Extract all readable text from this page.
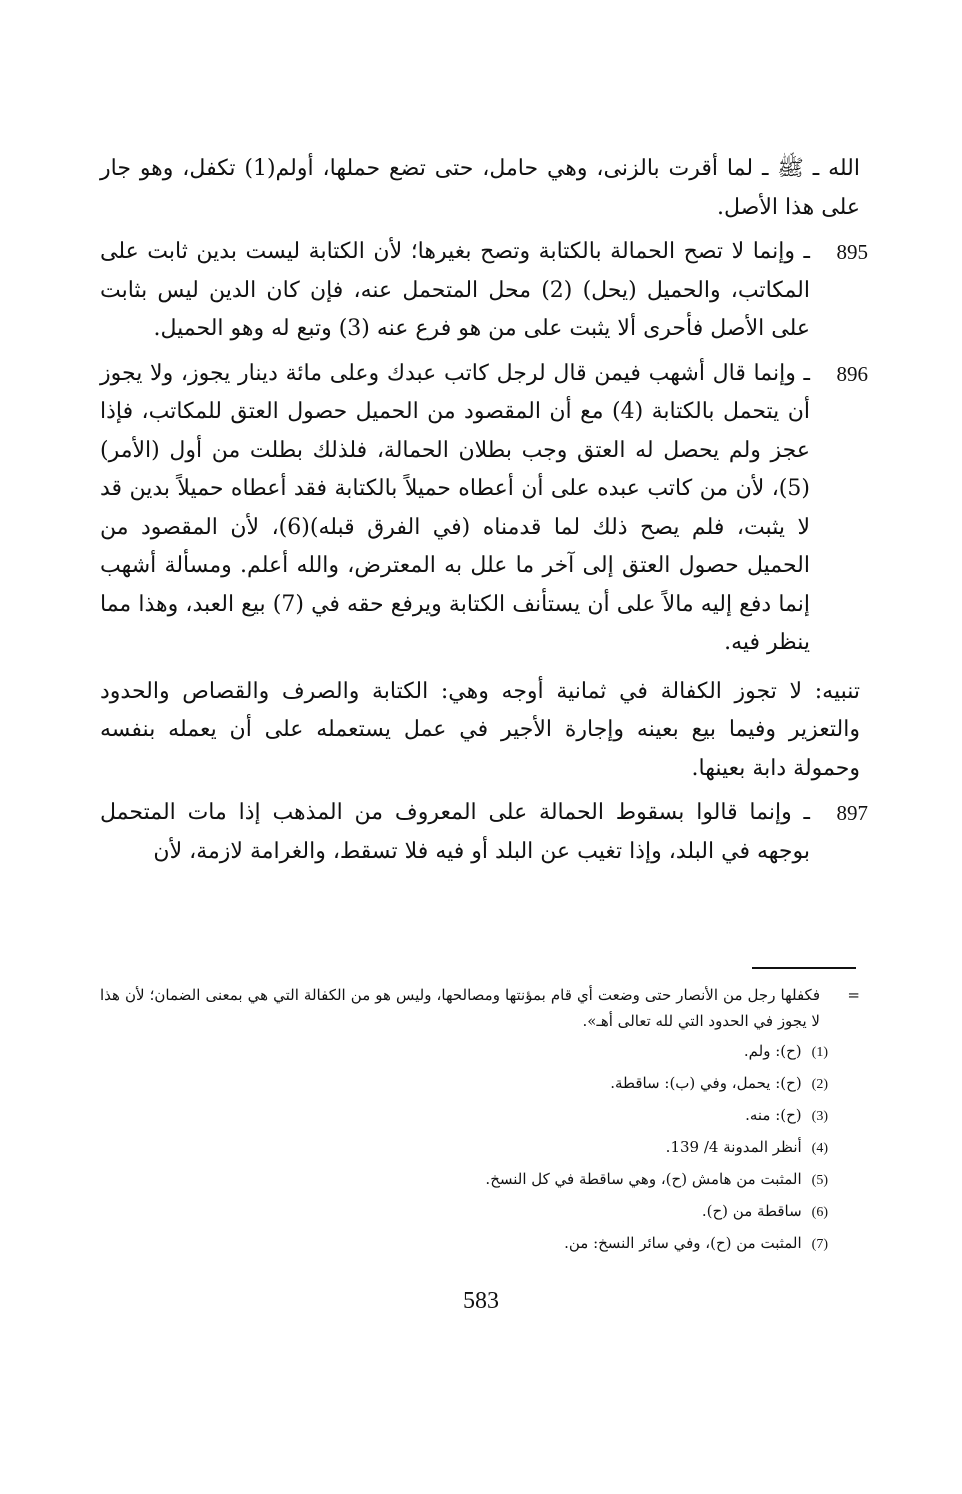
الله ـ ﷺ ـ لما أقرت بالزنى، وهي حامل، حتى تضع حملها، أولم(1) تكفل، وهو جار على هذا الأصل.

895
ـ وإنما لا تصح الحمالة بالكتابة وتصح بغيرها؛ لأن الكتابة ليست بدين ثابت على المكاتب، والحميل (يحل) (2) محل المتحمل عنه، فإن كان الدين ليس بثابت على الأصل فأحرى ألا يثبت على من هو فرع عنه (3) وتبع له وهو الحميل.

896
ـ وإنما قال أشهب فيمن قال لرجل كاتب عبدك وعلى مائة دينار يجوز، ولا يجوز أن يتحمل بالكتابة (4) مع أن المقصود من الحميل حصول العتق للمكاتب، فإذا عجز ولم يحصل له العتق وجب بطلان الحمالة، فلذلك بطلت من أول (الأمر)(5)، لأن من كاتب عبده على أن أعطاه حميلاً بالكتابة فقد أعطاه حميلاً بدين قد لا يثبت، فلم يصح ذلك لما قدمناه (في الفرق قبله)(6)، لأن المقصود من الحميل حصول العتق إلى آخر ما علل به المعترض، والله أعلم. ومسألة أشهب إنما دفع إليه مالاً على أن يستأنف الكتابة ويرفع حقه في (7) بيع العبد، وهذا مما ينظر فيه.

تنبيه: لا تجوز الكفالة في ثمانية أوجه وهي: الكتابة والصرف والقصاص والحدود والتعزير وفيما بيع بعينه وإجارة الأجير في عمل يستعمله على أن يعمله بنفسه وحمولة دابة بعينها.

897
ـ وإنما قالوا بسقوط الحمالة على المعروف من المذهب إذا مات المتحمل بوجهه في البلد، وإذا تغيب عن البلد أو فيه فلا تسقط، والغرامة لازمة، لأن

=
فكفلها رجل من الأنصار حتى وضعت أي قام بمؤنتها ومصالحها، وليس هو من الكفالة التي هي بمعنى الضمان؛ لأن هذا لا يجوز في الحدود التي لله تعالى أهـ».
(1)
(ح): ولم.
(2)
(ح): يحمل، وفي (ب): ساقطة.
(3)
(ح): منه.
(4)
أنظر المدونة 4/ 139.
(5)
المثبت من هامش (ح)، وهي ساقطة في كل النسخ.
(6)
ساقطة من (ح).
(7)
المثبت من (ح)، وفي سائر النسخ: من.
583
